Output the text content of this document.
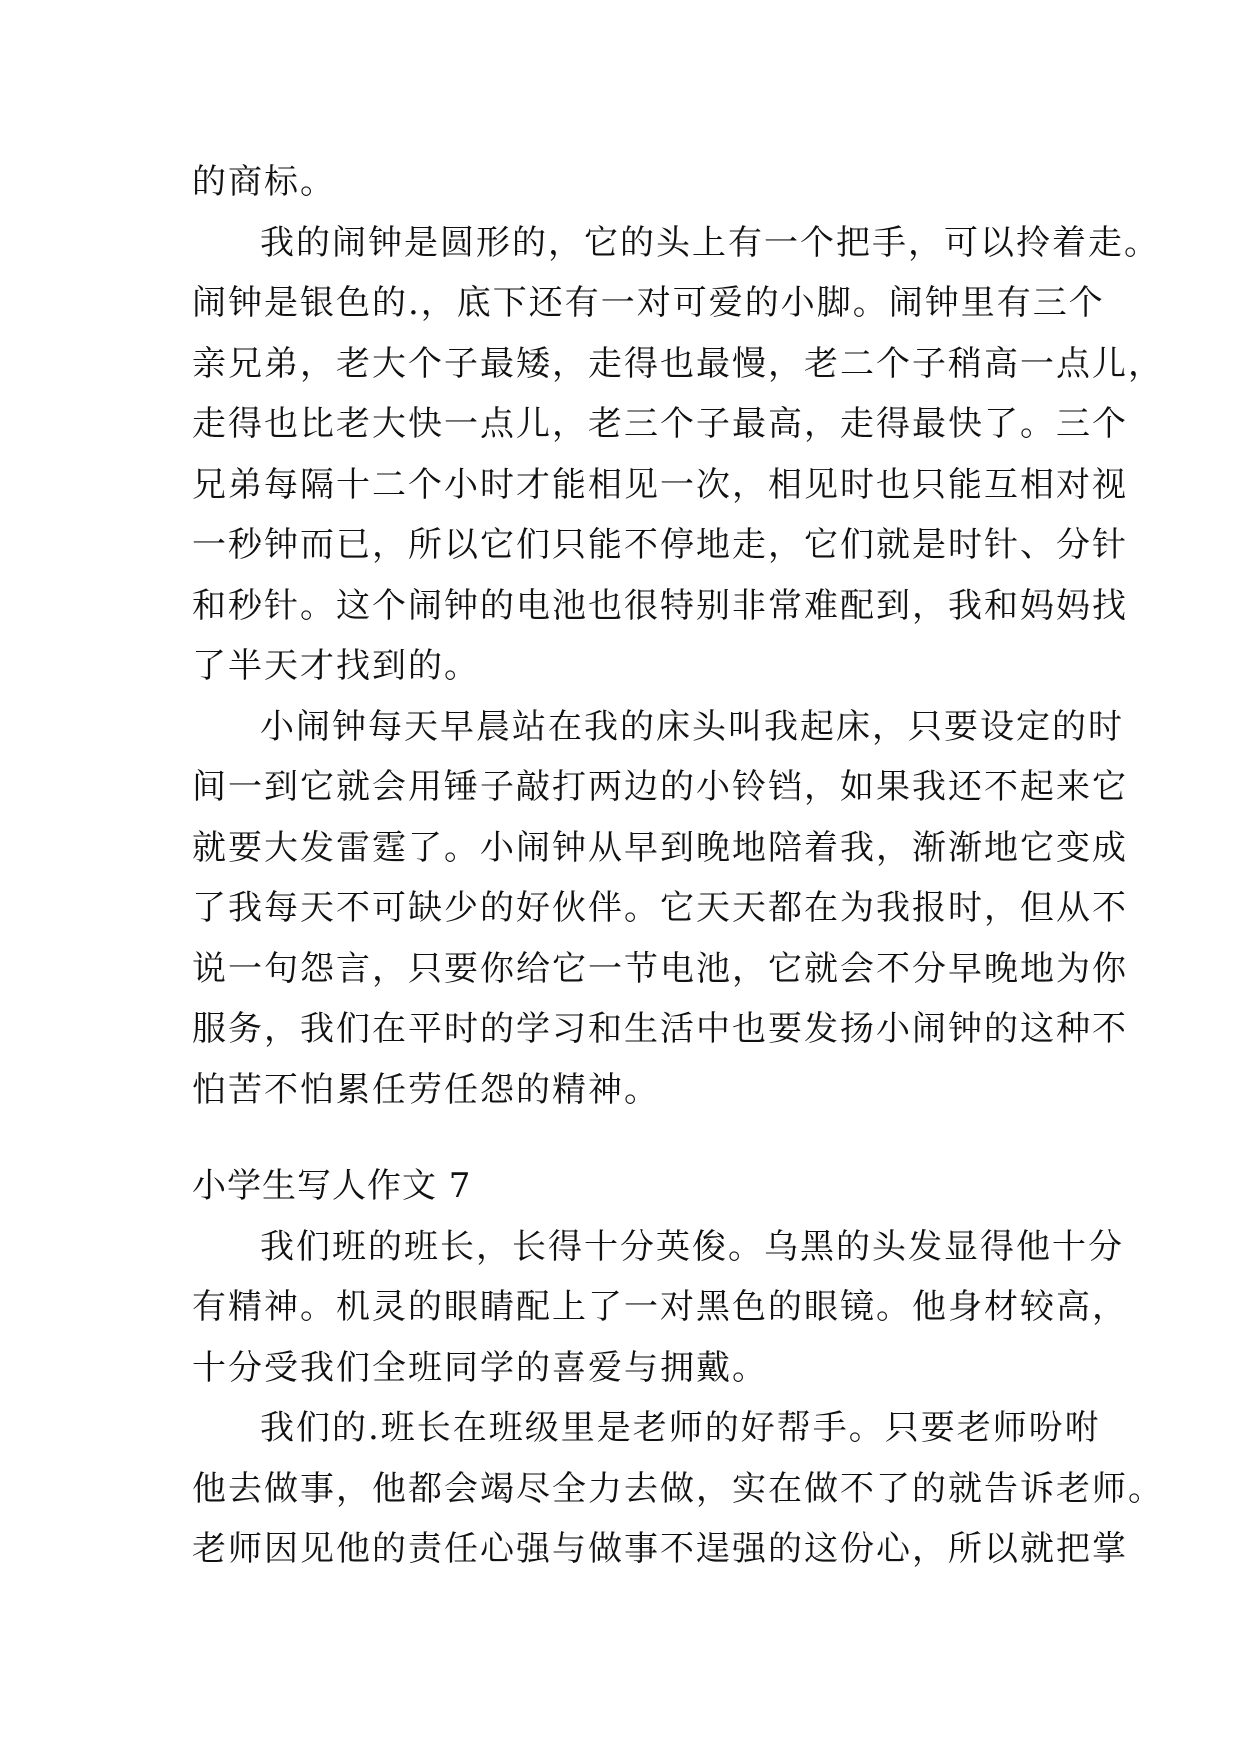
的商标。
我的闹钟是圆形的，它的头上有一个把手，可以拎着走。
闹钟是银色的.，底下还有一对可爱的小脚。闹钟里有三个
亲兄弟，老大个子最矮，走得也最慢，老二个子稍高一点儿，
走得也比老大快一点儿，老三个子最高，走得最快了。三个
兄弟每隔十二个小时才能相见一次，相见时也只能互相对视
一秒钟而已，所以它们只能不停地走，它们就是时针、分针
和秒针。这个闹钟的电池也很特别非常难配到，我和妈妈找
了半天才找到的。
小闹钟每天早晨站在我的床头叫我起床，只要设定的时
间一到它就会用锤子敲打两边的小铃铛，如果我还不起来它
就要大发雷霆了。小闹钟从早到晚地陪着我，渐渐地它变成
了我每天不可缺少的好伙伴。它天天都在为我报时，但从不
说一句怨言，只要你给它一节电池，它就会不分早晚地为你
服务，我们在平时的学习和生活中也要发扬小闹钟的这种不
怕苦不怕累任劳任怨的精神。
小学生写人作文 7
我们班的班长，长得十分英俊。乌黑的头发显得他十分
有精神。机灵的眼睛配上了一对黑色的眼镜。他身材较高，
十分受我们全班同学的喜爱与拥戴。
我们的.班长在班级里是老师的好帮手。只要老师吩咐
他去做事，他都会竭尽全力去做，实在做不了的就告诉老师。
老师因见他的责任心强与做事不逞强的这份心，所以就把掌
